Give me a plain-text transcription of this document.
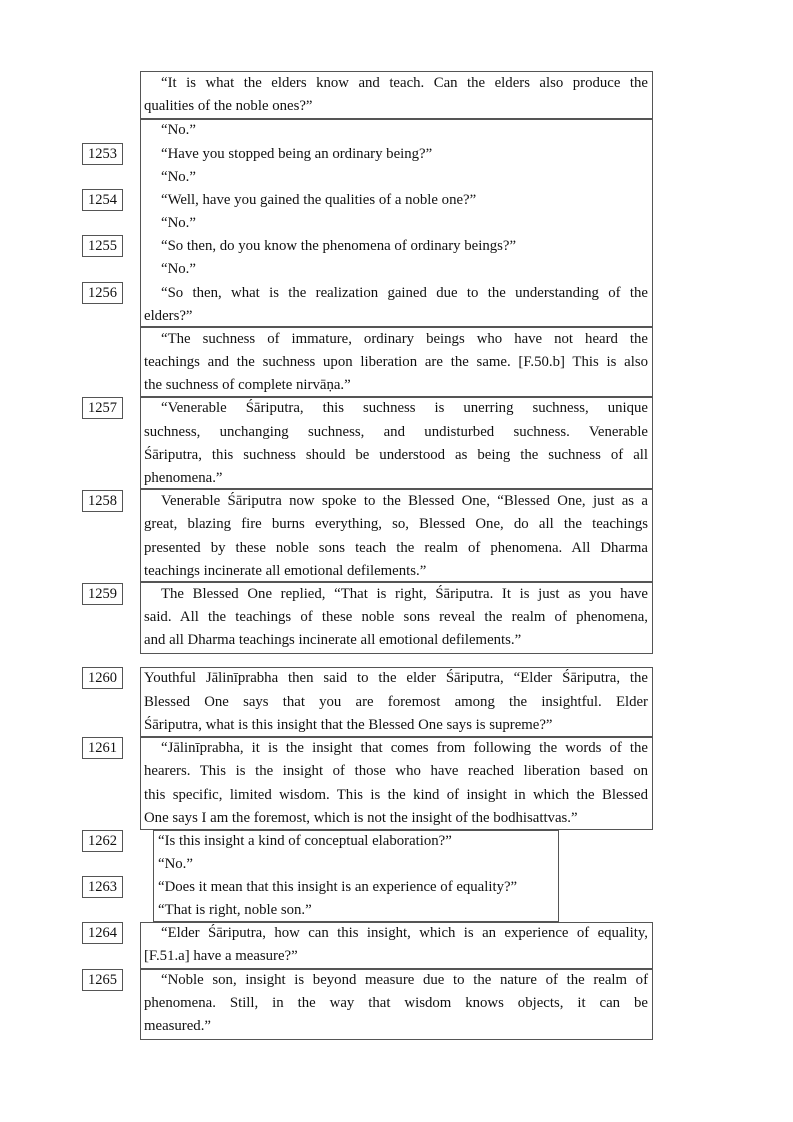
1253
1254
1255
1256
1257
1258
1259
1260
1261
1262
1263
1264
1265
“It is what the elders know and teach. Can the elders also produce the
qualities of the noble ones?”
“No.”
“Have you stopped being an ordinary being?”
“No.”
“Well, have you gained the qualities of a noble one?”
“No.”
“So then, do you know the phenomena of ordinary beings?”
“No.”
“So then, what is the realization gained due to the understanding of the
elders?”
“The suchness of immature, ordinary beings who have not heard the
teachings and the suchness upon liberation are the same. [F.50.b] This is also
the suchness of complete nirvāṇa.”
“Venerable Śāriputra, this suchness is unerring suchness, unique
suchness, unchanging suchness, and undisturbed suchness. Venerable
Śāriputra, this suchness should be understood as being the suchness of all
phenomena.”
Venerable Śāriputra now spoke to the Blessed One, “Blessed One, just as a
great, blazing fire burns everything, so, Blessed One, do all the teachings
presented by these noble sons teach the realm of phenomena. All Dharma
teachings incinerate all emotional defilements.”
The Blessed One replied, “That is right, Śāriputra. It is just as you have
said. All the teachings of these noble sons reveal the realm of phenomena,
and all Dharma teachings incinerate all emotional defilements.”
Youthful Jālinīprabha then said to the elder Śāriputra, “Elder Śāriputra, the
Blessed One says that you are foremost among the insightful. Elder
Śāriputra, what is this insight that the Blessed One says is supreme?”
“Jālinīprabha, it is the insight that comes from following the words of the
hearers. This is the insight of those who have reached liberation based on
this specific, limited wisdom. This is the kind of insight in which the Blessed
One says I am the foremost, which is not the insight of the bodhisattvas.”
“Is this insight a kind of conceptual elaboration?”
“No.”
“Does it mean that this insight is an experience of equality?”
“That is right, noble son.”
“Elder Śāriputra, how can this insight, which is an experience of equality,
[F.51.a] have a measure?”
“Noble son, insight is beyond measure due to the nature of the realm of
phenomena. Still, in the way that wisdom knows objects, it can be
measured.”
